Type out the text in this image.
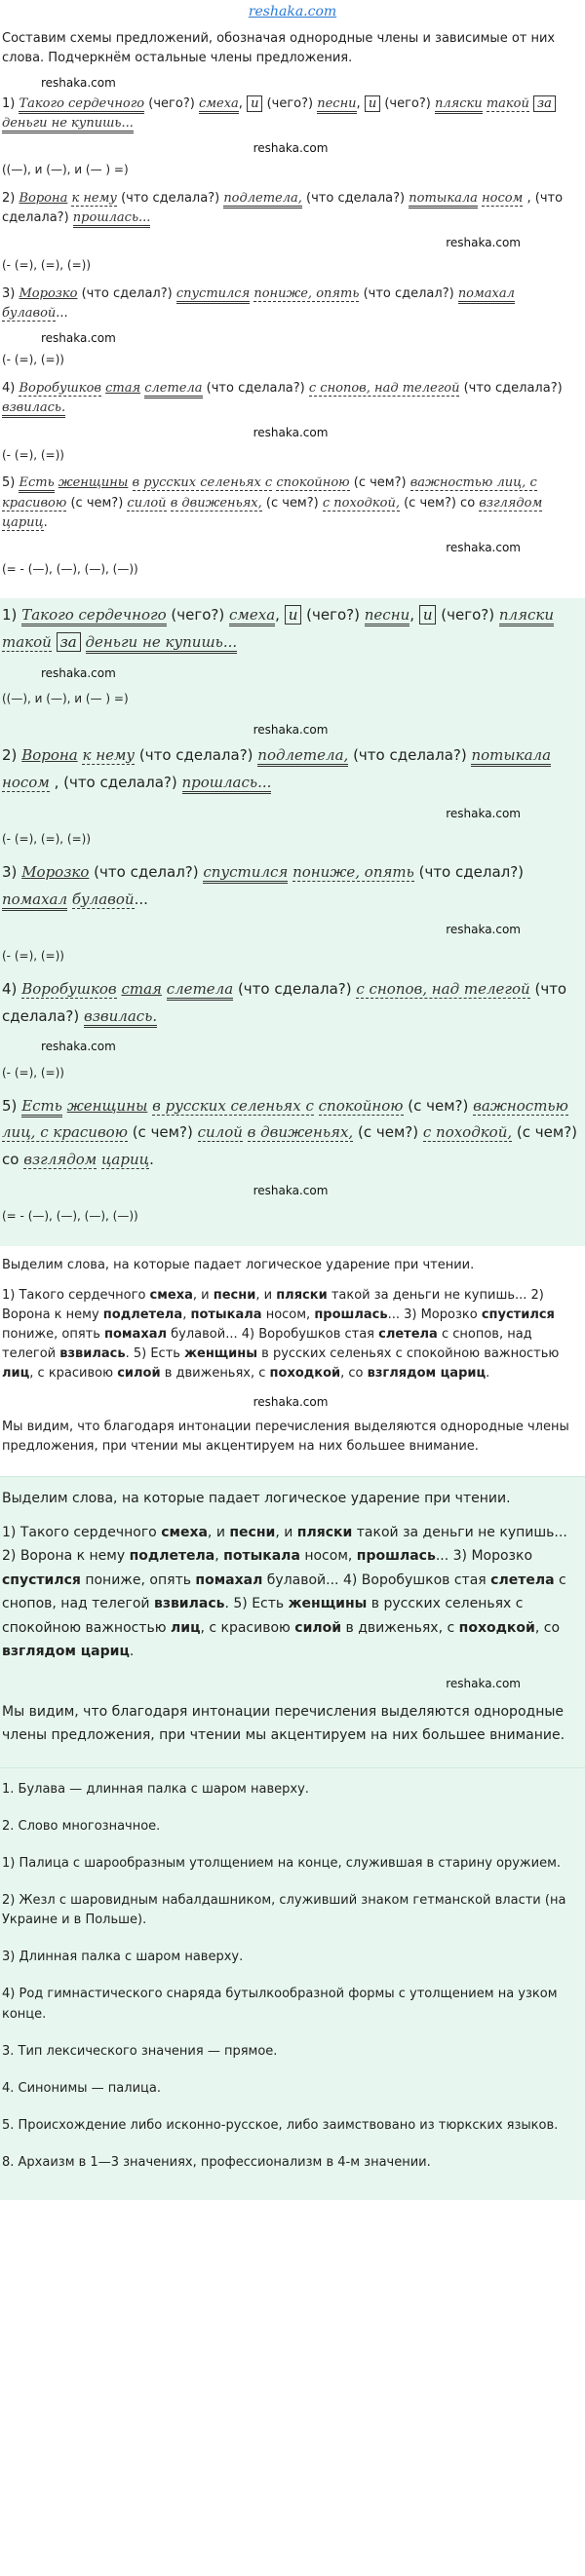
reshaka.com
Составим схемы предложений, обозначая однородные члены и зависимые от них слова. Подчеркнём остальные члены предложения.
reshaka.com
1) Такого сердечного (чего?) смеха, и (чего?) песни, и (чего?) пляски такой за деньги не купишь...
reshaka.com
((—), и (—), и (— ) =)
2) Ворона к нему (что сделала?) подлетела, (что сделала?) потыкала носом , (что сделала?) прошлась...
reshaka.com
(- (=), (=), (=))
3) Морозко (что сделал?) спустился пониже, опять (что сделал?) помахал булавой...
reshaka.com
(- (=), (=))
4) Воробушков стая слетела (что сделала?) с снопов, над телегой (что сделала?) взвилась.
reshaka.com
(- (=), (=))
5) Есть женщины в русских селеньях с спокойною (с чем?) важностью лиц, с красивою (с чем?) силой в движеньях, (с чем?) с походкой, (с чем?) со взглядом цариц.
reshaka.com
(= - (—), (—), (—), (—))
1) Такого сердечного (чего?) смеха, и (чего?) песни, и (чего?) пляски такой за деньги не купишь...
reshaka.com
((—), и (—), и (— ) =)
reshaka.com
2) Ворона к нему (что сделала?) подлетела, (что сделала?) потыкала носом , (что сделала?) прошлась...
reshaka.com
(- (=), (=), (=))
3) Морозко (что сделал?) спустился пониже, опять (что сделал?) помахал булавой...
reshaka.com
(- (=), (=))
4) Воробушков стая слетела (что сделала?) с снопов, над телегой (что сделала?) взвилась.
reshaka.com
(- (=), (=))
5) Есть женщины в русских селеньях с спокойною (с чем?) важностью лиц, с красивою (с чем?) силой в движеньях, (с чем?) с походкой, (с чем?) со взглядом цариц.
reshaka.com
(= - (—), (—), (—), (—))
Выделим слова, на которые падает логическое ударение при чтении.
1) Такого сердечного смеха, и песни, и пляски такой за деньги не купишь... 2) Ворона к нему подлетела, потыкала носом, прошлась... 3) Морозко спустился пониже, опять помахал булавой... 4) Воробушков стая слетела с снопов, над телегой взвилась. 5) Есть женщины в русских селеньях с спокойною важностью лиц, с красивою силой в движеньях, с походкой, со взглядом цариц.
reshaka.com
Мы видим, что благодаря интонации перечисления выделяются однородные члены предложения, при чтении мы акцентируем на них большее внимание.
Выделим слова, на которые падает логическое ударение при чтении.
1) Такого сердечного смеха, и песни, и пляски такой за деньги не купишь... 2) Ворона к нему подлетела, потыкала носом, прошлась... 3) Морозко спустился пониже, опять помахал булавой... 4) Воробушков стая слетела с снопов, над телегой взвилась. 5) Есть женщины в русских селеньях с спокойною важностью лиц, с красивою силой в движеньях, с походкой, со взглядом цариц.
reshaka.com
Мы видим, что благодаря интонации перечисления выделяются однородные члены предложения, при чтении мы акцентируем на них большее внимание.
1. Булава — длинная палка с шаром наверху.
2. Слово многозначное.
1) Палица с шарообразным утолщением на конце, служившая в старину оружием.
2) Жезл с шаровидным набалдашником, служивший знаком гетманской власти (на Украине и в Польше).
3) Длинная палка с шаром наверху.
4) Род гимнастического снаряда бутылкообразной формы с утолщением на узком конце.
3. Тип лексического значения — прямое.
4. Синонимы — палица.
5. Происхождение либо исконно-русское, либо заимствовано из тюркских языков.
8. Архаизм в 1—3 значениях, профессионализм в 4-м значении.
